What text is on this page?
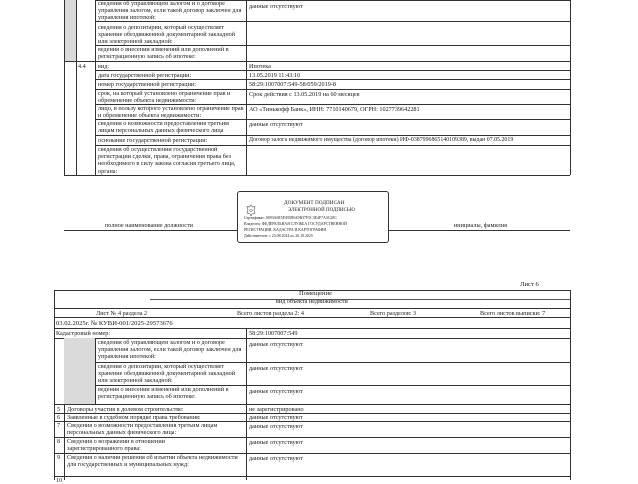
сведения об управляющем залогом и о договоре управления залогом, если такой договор заключен для управления ипотекой:
данные отсутствуют
сведения о депозитарии, который осуществляет хранение обездвиженной документарной закладной или электронной закладной:
ведения о внесении изменений или дополнений в регистрационную запись об ипотеке:
4.4 вид:	Ипотека
дата государственной регистрации:	13.05.2019 11:43:10
номер государственной регистрации:	58:29:1007007:549-58/059/2019-8
срок, на который установлено ограничение прав и обременение объекта недвижимости:
Срок действия с 13.05.2019 на 60 месяцев
лицо, в пользу которого установлено ограничение прав и обременение объекта недвижимости:
АО «Тинькофф Банк», ИНН: 7710140679, ОГРН: 1027739642281
сведения о возможности предоставления третьим лицам персональных данных физического лица
данные отсутствуют
основание государственной регистрации:	Договор залога недвижимого имущества (договор ипотеки) ИФ-0387996865140109389, выдан 07.05.2019
сведения об осуществлении государственной регистрации сделки, права, ограничения права без необходимого в силу закона согласия третьего лица, органа:
полное наименование должности	инициалы, фамилия
ДОКУМЕНТ ПОДПИСАН
ЭЛЕКТРОННОЙ ПОДПИСЬЮ
Сертификат: 0093A6E5FA9DBA9B37F5C3E4F7A3C28C
Владелец: ФЕДЕРАЛЬНАЯ СЛУЖБА ГОСУДАРСТВЕННОЙ
РЕГИСТРАЦИИ, КАДАСТРА И КАРТОГРАФИИ
Действителен: с 23.08.2024 по 26.10.2025
Лист 6
Помещение
вид объекта недвижимости
Лист № 4 раздела 2	Всего листов раздела 2: 4	Всего разделов: 3	Всего листов выписки: 7
03.02.2025г. № КУВИ-001/2025-29573676
Кадастровый номер:	58:29:1007007:549
сведения об управляющем залогом и о договоре управления залогом, если такой договор заключен для управления ипотекой:
данные отсутствуют
сведения о депозитарии, который осуществляет хранение обездвиженной документарной закладной или электронной закладной:
данные отсутствуют
ведения о внесении изменений или дополнений в регистрационную запись об ипотеке:
данные отсутствуют
5 Договоры участия в долевом строительстве:	не зарегистрировано
6 Заявленные в судебном порядке права требования:	данные отсутствуют
7 Сведения о возможности предоставления третьим лицам персональных данных физического лица:
данные отсутствуют
8 Сведения о возражении в отношении зарегистрированного права:
данные отсутствуют
9 Сведения о наличии решения об изъятии объекта недвижимости для государственных и муниципальных нужд:
данные отсутствуют
10
